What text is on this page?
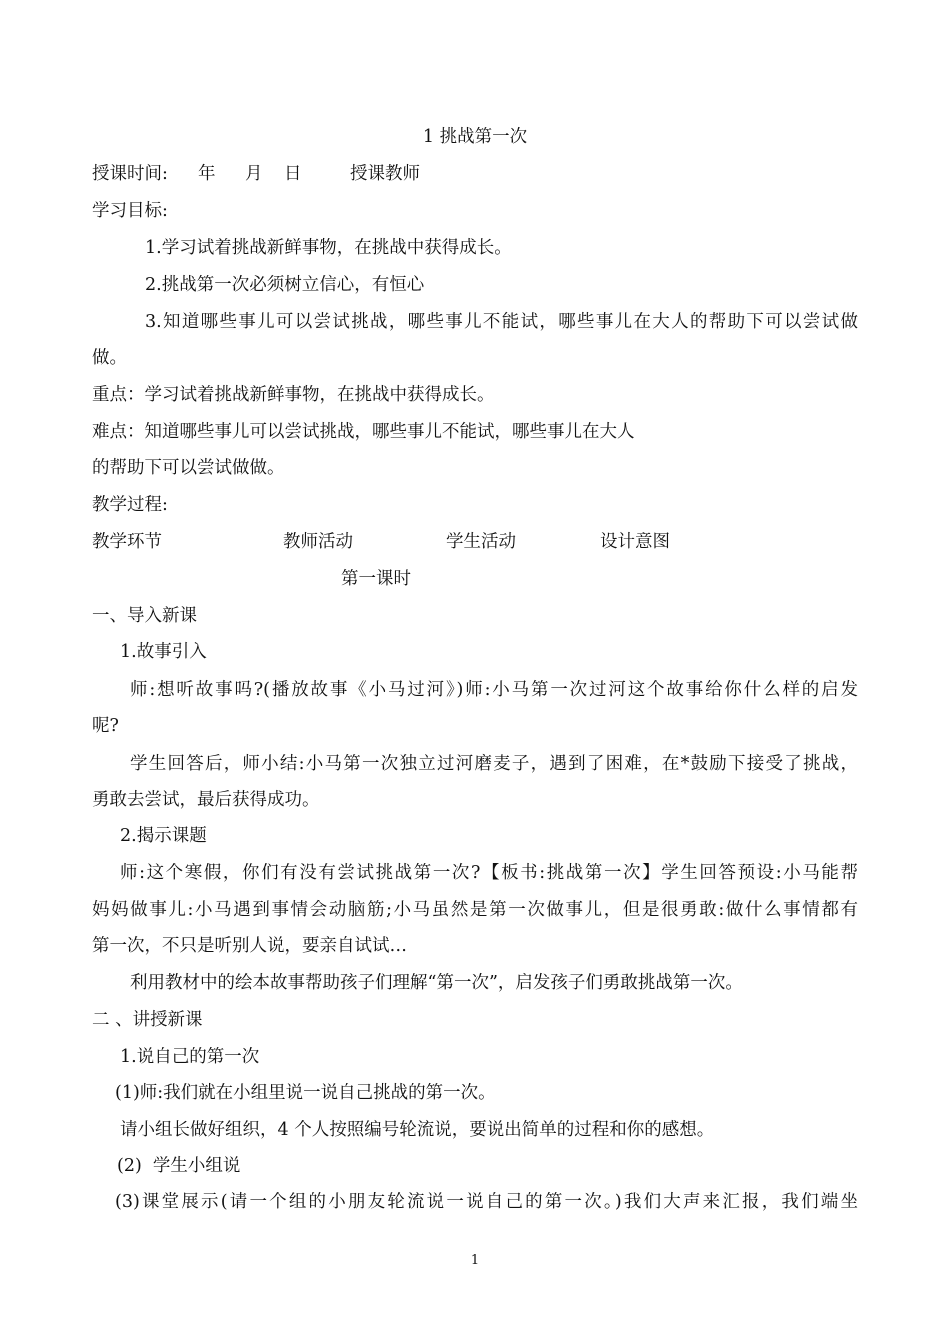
1 挑战第一次
授课时间: 年 月 日	授课教师
学习目标:
1.学习试着挑战新鲜事物，在挑战中获得成长。
2.挑战第一次必须树立信心，有恒心
3.知道哪些事儿可以尝试挑战，哪些事儿不能试，哪些事儿在大人的帮助下可以尝试做
做。
重点：学习试着挑战新鲜事物，在挑战中获得成长。
难点：知道哪些事儿可以尝试挑战，哪些事儿不能试，哪些事儿在大人
的帮助下可以尝试做做。
教学过程:
教学环节	教师活动	学生活动	设计意图
第一课时
一、导入新课
1.故事引入
师:想听故事吗?(播放故事《小马过河》)师:小马第一次过河这个故事给你什么样的启发
呢?
学生回答后，师小结:小马第一次独立过河磨麦子，遇到了困难，在*鼓励下接受了挑战，
勇敢去尝试，最后获得成功。
2.揭示课题
师:这个寒假，你们有没有尝试挑战第一次?【板书:挑战第一次】学生回答预设:小马能帮
妈妈做事儿:小马遇到事情会动脑筋;小马虽然是第一次做事儿，但是很勇敢:做什么事情都有
第一次，不只是听别人说，要亲自试试…
利用教材中的绘本故事帮助孩子们理解“第一次”，启发孩子们勇敢挑战第一次。
二 、讲授新课
1.说自己的第一次
(1)师:我们就在小组里说一说自己挑战的第一次。
请小组长做好组织，4 个人按照编号轮流说，要说出简单的过程和你的感想。
(2)  学生小组说
(3)课堂展示(请一个组的小朋友轮流说一说自己的第一次。)我们大声来汇报，我们端坐
1
